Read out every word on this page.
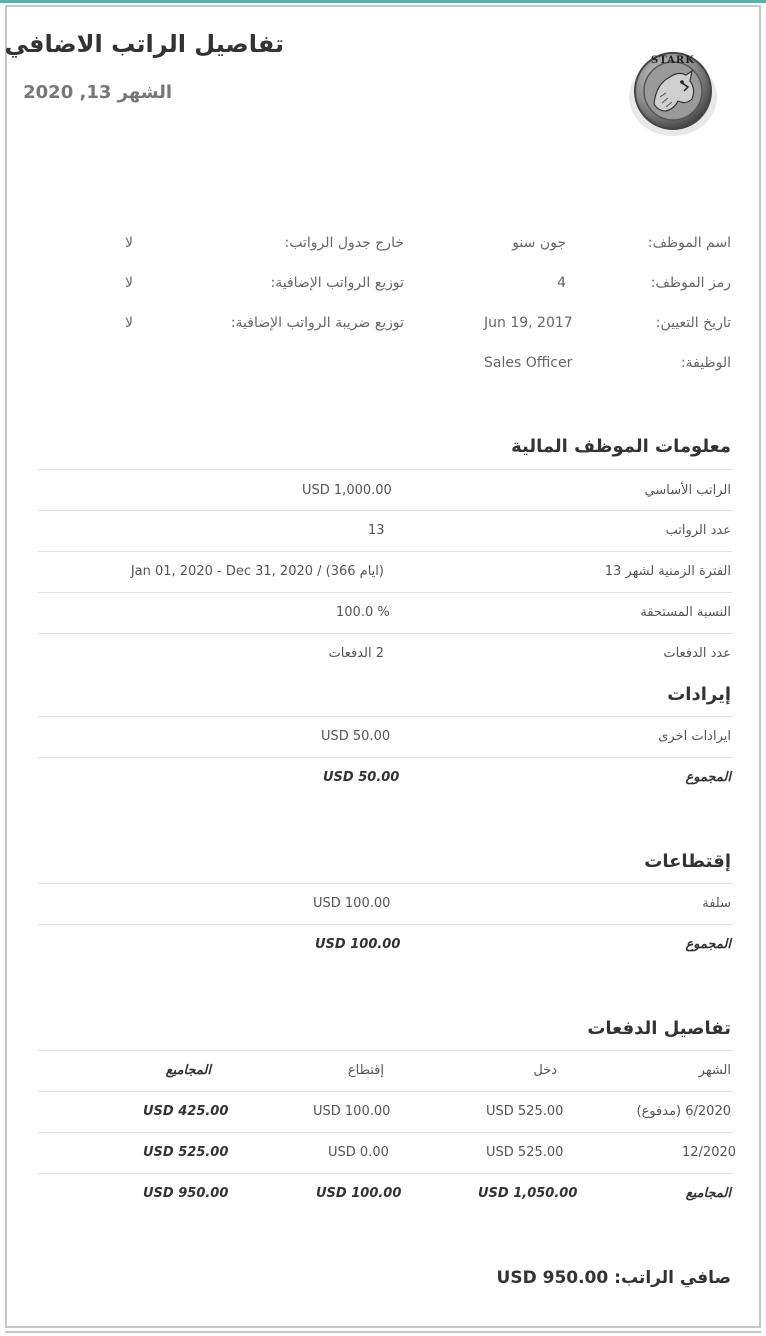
تفاصيل الراتب الاضافي
الشهر 13, 2020
STARK
اسم الموظف:
جون سنو
خارج جدول الرواتب:
لا
رمز الموظف:
4
توزيع الرواتب الإضافية:
لا
تاريخ التعيين:
Jun 19, 2017
توزيع ضريبة الرواتب الإضافية:
لا
الوظيفة:
Sales Officer
معلومات الموظف المالية
الراتب الأساسي
USD 1,000.00
عدد الرواتب
13
الفترة الزمنية لشهر 13
Jan 01, 2020 - Dec 31, 2020 / (366 ايام)
النسبة المستحقة
100.0 %
عدد الدفعات
2 الدفعات
إيرادات
ايرادات اخرى
USD 50.00
المجموع
USD 50.00
إقتطاعات
سلفة
USD 100.00
المجموع
USD 100.00
تفاصيل الدفعات
الشهر
دخل
إقتطاع
المجاميع
6/2020 (مدفوع)
USD 525.00
USD 100.00
USD 425.00
12/2020
USD 525.00
USD 0.00
USD 525.00
المجاميع
USD 1,050.00
USD 100.00
USD 950.00
صافي الراتب: USD 950.00
